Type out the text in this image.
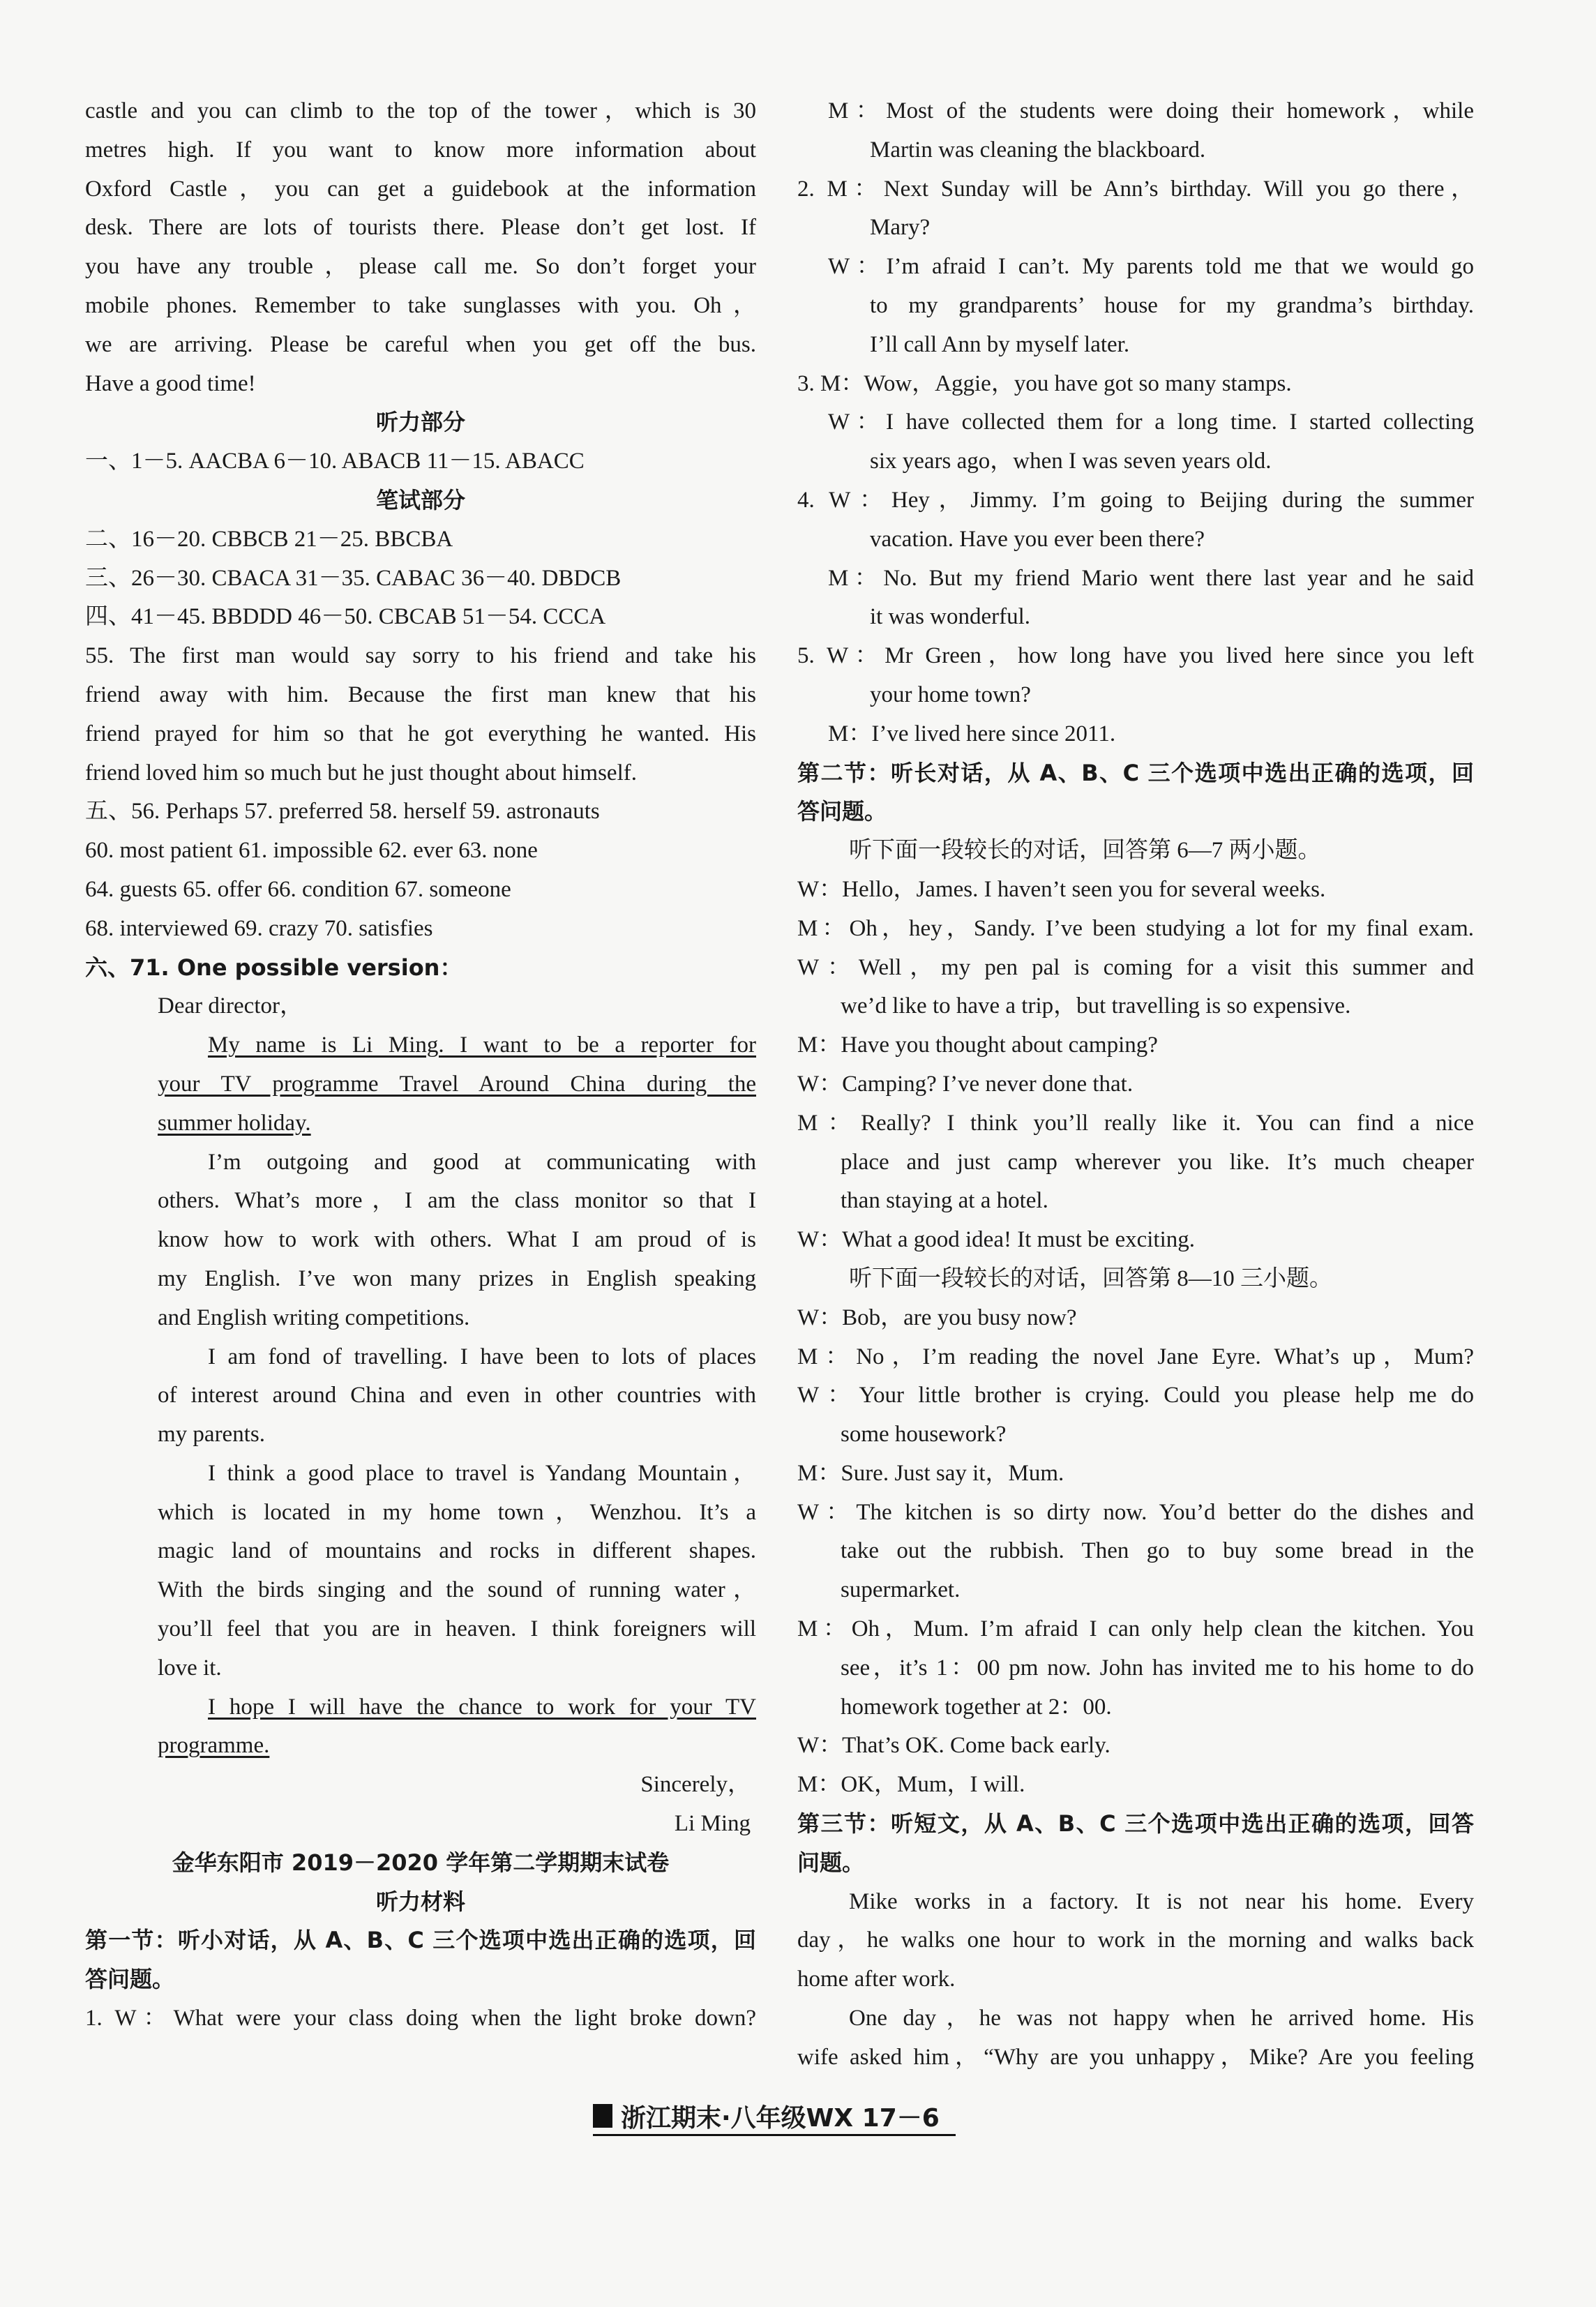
castle and you can climb to the top of the tower，which is 30
metres high. If you want to know more information about
Oxford Castle，you can get a guidebook at the information
desk. There are lots of tourists there. Please don’t get lost. If
you have any trouble，please call me. So don’t forget your
mobile phones. Remember to take sunglasses with you. Oh，
we are arriving. Please be careful when you get off the bus.
Have a good time!
听力部分
一、1－5. AACBA 6－10. ABACB 11－15. ABACC
笔试部分
二、16－20. CBBCB 21－25. BBCBA
三、26－30. CBACA 31－35. CABAC 36－40. DBDCB
四、41－45. BBDDD 46－50. CBCAB 51－54. CCCA
55. The first man would say sorry to his friend and take his
friend away with him. Because the first man knew that his
friend prayed for him so that he got everything he wanted. His
friend loved him so much but he just thought about himself.
五、56. Perhaps 57. preferred 58. herself 59. astronauts
60. most patient 61. impossible 62. ever 63. none
64. guests 65. offer 66. condition 67. someone
68. interviewed 69. crazy 70. satisfies
六、71. One possible version：
Dear director，
My name is Li Ming. I want to be a reporter for
your TV programme Travel Around China during the
summer holiday.
I’m outgoing and good at communicating with
others. What’s more，I am the class monitor so that I
know how to work with others. What I am proud of is
my English. I’ve won many prizes in English speaking
and English writing competitions.
I am fond of travelling. I have been to lots of places
of interest around China and even in other countries with
my parents.
I think a good place to travel is Yandang Mountain，
which is located in my home town，Wenzhou. It’s a
magic land of mountains and rocks in different shapes.
With the birds singing and the sound of running water，
you’ll feel that you are in heaven. I think foreigners will
love it.
I hope I will have the chance to work for your TV
programme.
Sincerely，
Li Ming
金华东阳市 2019－2020 学年第二学期期末试卷
听力材料
第一节：听小对话，从 A、B、C 三个选项中选出正确的选项，回
答问题。
1. W：What were your class doing when the light broke down?
M：Most of the students were doing their homework，while
Martin was cleaning the blackboard.
2. M：Next Sunday will be Ann’s birthday. Will you go there，
Mary?
W：I’m afraid I can’t. My parents told me that we would go
to my grandparents’ house for my grandma’s birthday.
I’ll call Ann by myself later.
3. M：Wow，Aggie，you have got so many stamps.
W：I have collected them for a long time. I started collecting
six years ago，when I was seven years old.
4. W：Hey，Jimmy. I’m going to Beijing during the summer
vacation. Have you ever been there?
M：No. But my friend Mario went there last year and he said
it was wonderful.
5. W：Mr Green，how long have you lived here since you left
your home town?
M：I’ve lived here since 2011.
第二节：听长对话，从 A、B、C 三个选项中选出正确的选项，回
答问题。
听下面一段较长的对话，回答第 6—7 两小题。
W：Hello，James. I haven’t seen you for several weeks.
M：Oh，hey，Sandy. I’ve been studying a lot for my final exam.
W：Well，my pen pal is coming for a visit this summer and
we’d like to have a trip，but travelling is so expensive.
M：Have you thought about camping?
W：Camping? I’ve never done that.
M：Really? I think you’ll really like it. You can find a nice
place and just camp wherever you like. It’s much cheaper
than staying at a hotel.
W：What a good idea! It must be exciting.
听下面一段较长的对话，回答第 8—10 三小题。
W：Bob，are you busy now?
M：No，I’m reading the novel Jane Eyre. What’s up，Mum?
W：Your little brother is crying. Could you please help me do
some housework?
M：Sure. Just say it，Mum.
W：The kitchen is so dirty now. You’d better do the dishes and
take out the rubbish. Then go to buy some bread in the
supermarket.
M：Oh，Mum. I’m afraid I can only help clean the kitchen. You
see，it’s 1：00 pm now. John has invited me to his home to do
homework together at 2：00.
W：That’s OK. Come back early.
M：OK，Mum，I will.
第三节：听短文，从 A、B、C 三个选项中选出正确的选项，回答
问题。
Mike works in a factory. It is not near his home. Every
day，he walks one hour to work in the morning and walks back
home after work.
One day，he was not happy when he arrived home. His
wife asked him，“Why are you unhappy，Mike? Are you feeling
浙江期末·八年级WX 17－6
